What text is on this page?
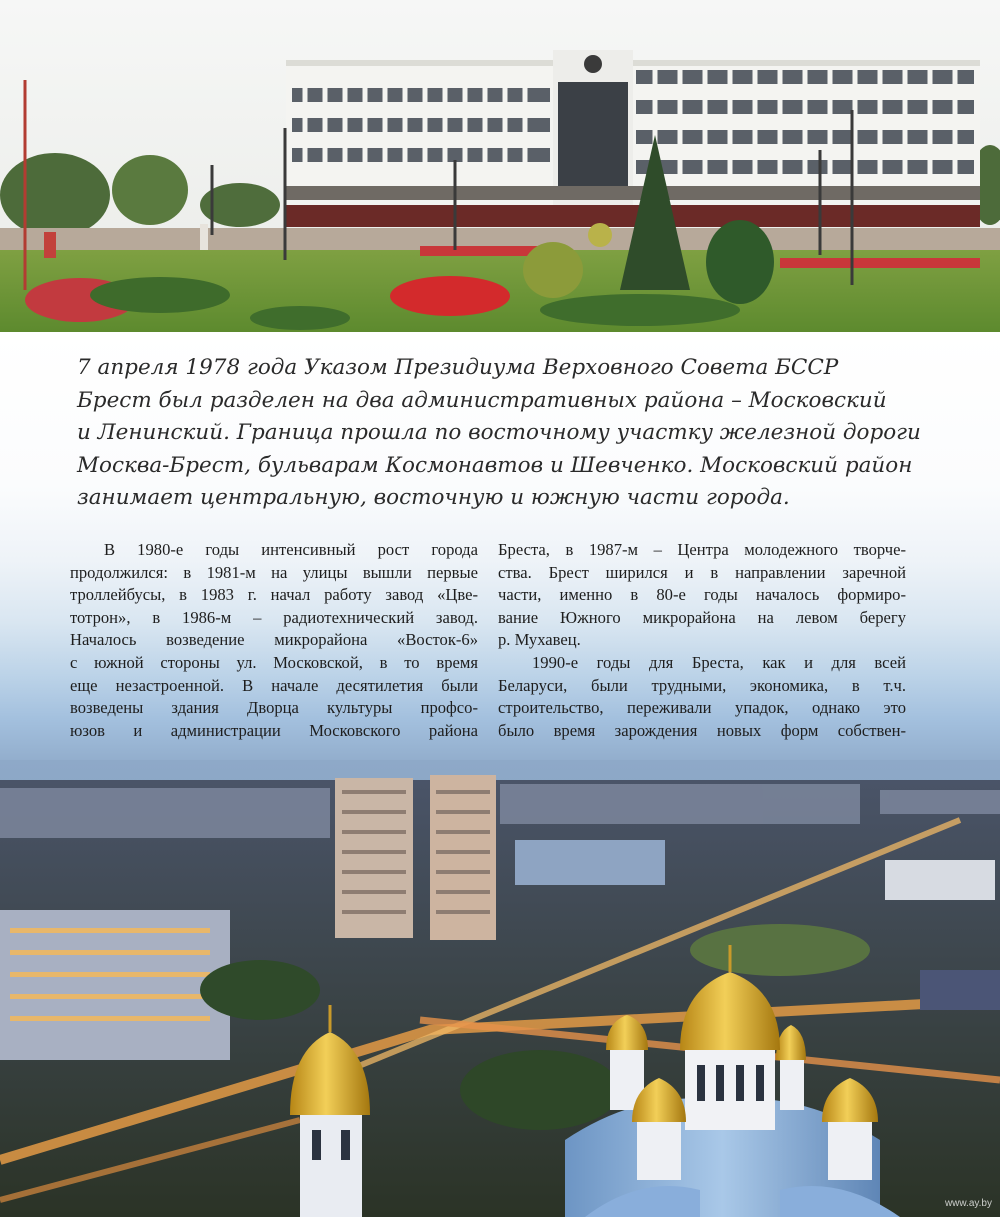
7 апреля 1978 года Указом Президиума Верховного Совета БССР
Брест был разделен на два административных района – Московский
и Ленинский. Граница прошла по восточному участку железной дороги
Москва-Брест, бульварам Космонавтов и Шевченко. Московский район
занимает центральную, восточную и южную части города.
В 1980-е годы интенсивный рост города
продолжился: в 1981-м на улицы вышли первые
троллейбусы, в 1983 г. начал работу завод «Цве-
тотрон», в 1986-м – радиотехнический завод.
Началось возведение микрорайона «Восток-6»
с южной стороны ул. Московской, в то время
еще незастроенной. В начале десятилетия были
возведены здания Дворца культуры профсо-
юзов и администрации Московского района
Бреста, в 1987-м – Центра молодежного творче-
ства. Брест ширился и в направлении заречной
части, именно в 80-е годы началось формиро-
вание Южного микрорайона на левом берегу
р. Мухавец.
1990-е годы для Бреста, как и для всей
Беларуси, были трудными, экономика, в т.ч.
строительство, переживали упадок, однако это
было время зарождения новых форм собствен-
www.ay.by
